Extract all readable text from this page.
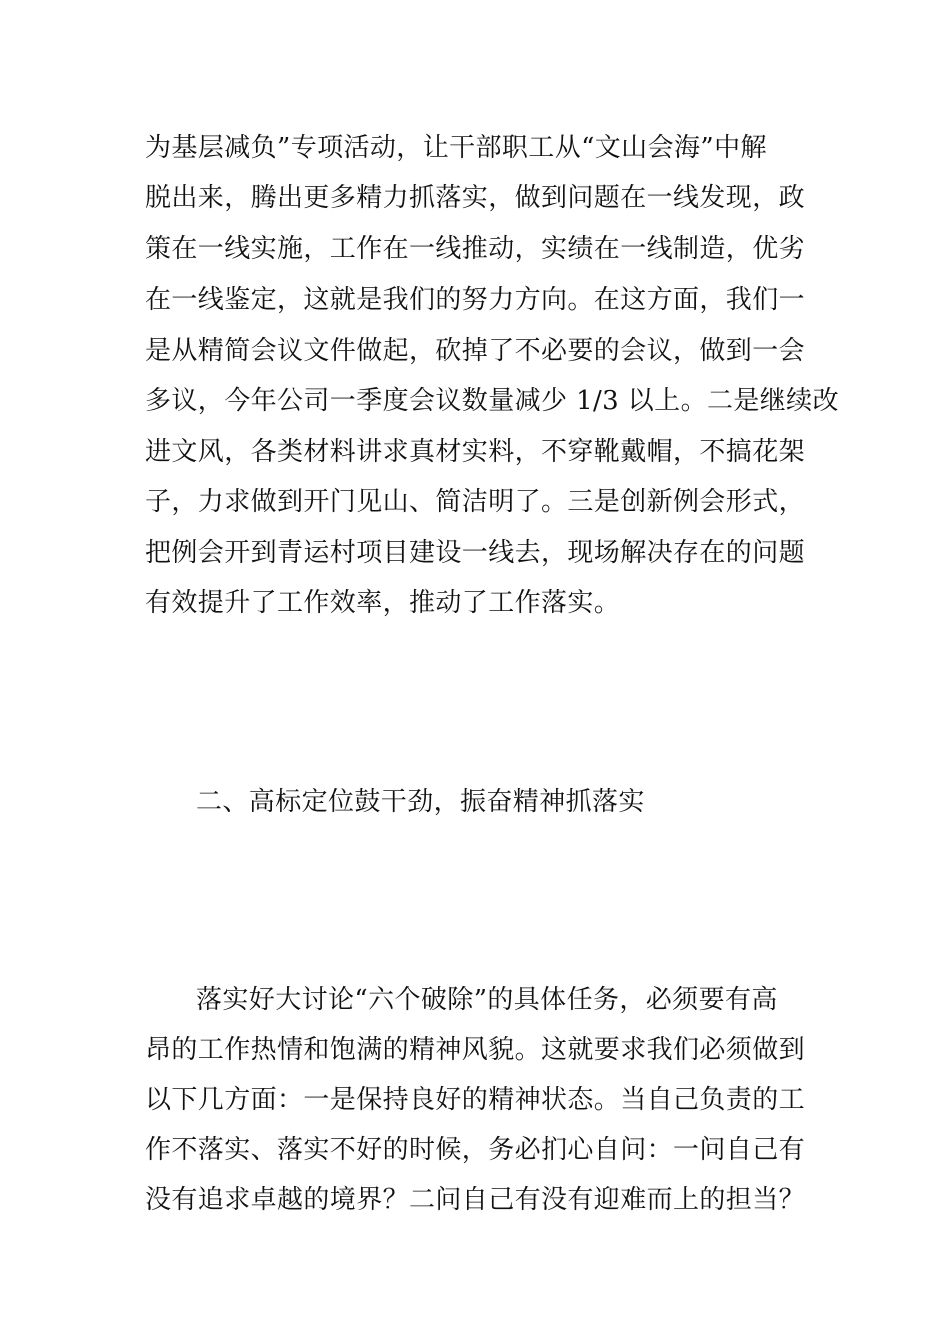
为基层减负”专项活动，让干部职工从“文山会海”中解
脱出来，腾出更多精力抓落实，做到问题在一线发现，政
策在一线实施，工作在一线推动，实绩在一线制造，优劣
在一线鉴定，这就是我们的努力方向。在这方面，我们一
是从精简会议文件做起，砍掉了不必要的会议，做到一会
多议，今年公司一季度会议数量减少 1/3 以上。二是继续改
进文风，各类材料讲求真材实料，不穿靴戴帽，不搞花架
子，力求做到开门见山、简洁明了。三是创新例会形式，
把例会开到青运村项目建设一线去，现场解决存在的问题
有效提升了工作效率，推动了工作落实。
二、高标定位鼓干劲，振奋精神抓落实
落实好大讨论“六个破除”的具体任务，必须要有高
昂的工作热情和饱满的精神风貌。这就要求我们必须做到
以下几方面：一是保持良好的精神状态。当自己负责的工
作不落实、落实不好的时候，务必扪心自问：一问自己有
没有追求卓越的境界？二问自己有没有迎难而上的担当？
